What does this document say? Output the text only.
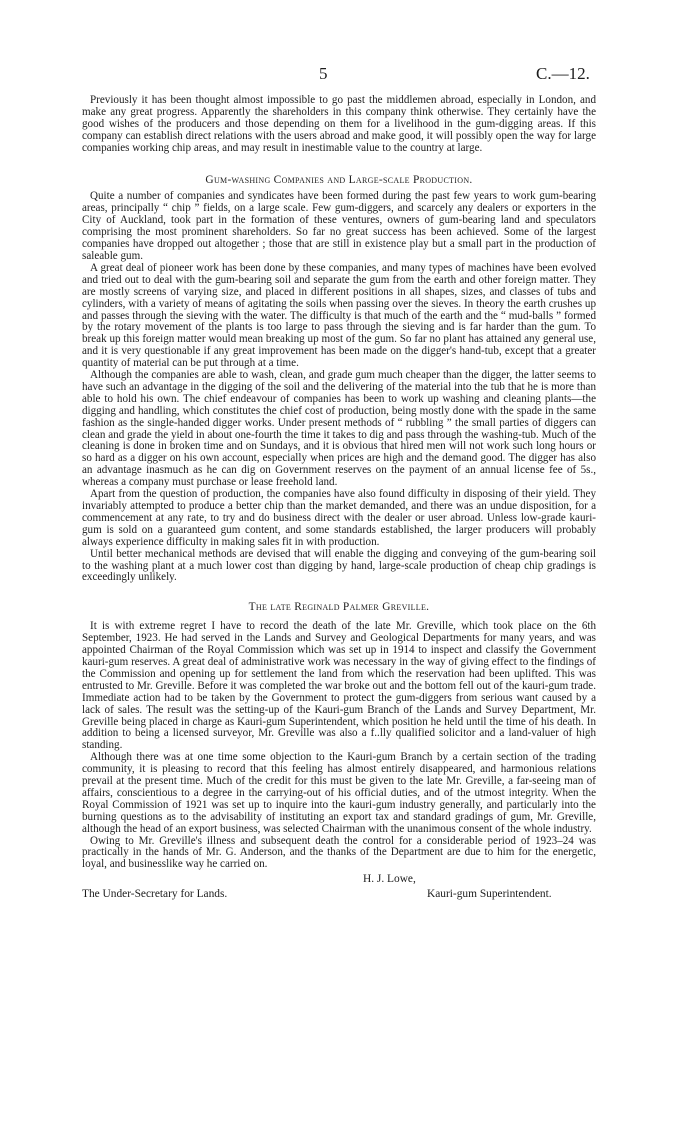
5	C.—12.

Previously it has been thought almost impossible to go past the middlemen abroad, especially in London, and make any great progress. Apparently the shareholders in this company think otherwise. They certainly have the good wishes of the producers and those depending on them for a livelihood in the gum-digging areas. If this company can establish direct relations with the users abroad and make good, it will possibly open the way for large companies working chip areas, and may result in inestimable value to the country at large.

Gum-washing Companies and Large-scale Production.

Quite a number of companies and syndicates have been formed during the past few years to work gum-bearing areas, principally “ chip ” fields, on a large scale. Few gum-diggers, and scarcely any dealers or exporters in the City of Auckland, took part in the formation of these ventures, owners of gum-bearing land and speculators comprising the most prominent shareholders. So far no great success has been achieved. Some of the largest companies have dropped out altogether ; those that are still in existence play but a small part in the production of saleable gum.

A great deal of pioneer work has been done by these companies, and many types of machines have been evolved and tried out to deal with the gum-bearing soil and separate the gum from the earth and other foreign matter. They are mostly screens of varying size, and placed in different positions in all shapes, sizes, and classes of tubs and cylinders, with a variety of means of agitating the soils when passing over the sieves. In theory the earth crushes up and passes through the sieving with the water. The difficulty is that much of the earth and the “ mud-balls ” formed by the rotary movement of the plants is too large to pass through the sieving and is far harder than the gum. To break up this foreign matter would mean breaking up most of the gum. So far no plant has attained any general use, and it is very questionable if any great improvement has been made on the digger's hand-tub, except that a greater quantity of material can be put through at a time.

Although the companies are able to wash, clean, and grade gum much cheaper than the digger, the latter seems to have such an advantage in the digging of the soil and the delivering of the material into the tub that he is more than able to hold his own. The chief endeavour of companies has been to work up washing and cleaning plants—the digging and handling, which constitutes the chief cost of production, being mostly done with the spade in the same fashion as the single-handed digger works. Under present methods of “ rubbling ” the small parties of diggers can clean and grade the yield in about one-fourth the time it takes to dig and pass through the washing-tub. Much of the cleaning is done in broken time and on Sundays, and it is obvious that hired men will not work such long hours or so hard as a digger on his own account, especially when prices are high and the demand good. The digger has also an advantage inasmuch as he can dig on Government reserves on the payment of an annual license fee of 5s., whereas a company must purchase or lease freehold land.

Apart from the question of production, the companies have also found difficulty in disposing of their yield. They invariably attempted to produce a better chip than the market demanded, and there was an undue disposition, for a commencement at any rate, to try and do business direct with the dealer or user abroad. Unless low-grade kauri-gum is sold on a guaranteed gum content, and some standards established, the larger producers will probably always experience difficulty in making sales fit in with production.

Until better mechanical methods are devised that will enable the digging and conveying of the gum-bearing soil to the washing plant at a much lower cost than digging by hand, large-scale production of cheap chip gradings is exceedingly unlikely.

The late Reginald Palmer Greville.

It is with extreme regret I have to record the death of the late Mr. Greville, which took place on the 6th September, 1923. He had served in the Lands and Survey and Geological Departments for many years, and was appointed Chairman of the Royal Commission which was set up in 1914 to inspect and classify the Government kauri-gum reserves. A great deal of administrative work was necessary in the way of giving effect to the findings of the Commission and opening up for settlement the land from which the reservation had been uplifted. This was entrusted to Mr. Greville. Before it was completed the war broke out and the bottom fell out of the kauri-gum trade. Immediate action had to be taken by the Government to protect the gum-diggers from serious want caused by a lack of sales. The result was the setting-up of the Kauri-gum Branch of the Lands and Survey Department, Mr. Greville being placed in charge as Kauri-gum Superintendent, which position he held until the time of his death. In addition to being a licensed surveyor, Mr. Greville was also a f..lly qualified solicitor and a land-valuer of high standing.

Although there was at one time some objection to the Kauri-gum Branch by a certain section of the trading community, it is pleasing to record that this feeling has almost entirely disappeared, and harmonious relations prevail at the present time. Much of the credit for this must be given to the late Mr. Greville, a far-seeing man of affairs, conscientious to a degree in the carrying-out of his official duties, and of the utmost integrity. When the Royal Commission of 1921 was set up to inquire into the kauri-gum industry generally, and particularly into the burning questions as to the advisability of instituting an export tax and standard gradings of gum, Mr. Greville, although the head of an export business, was selected Chairman with the unanimous consent of the whole industry.

Owing to Mr. Greville's illness and subsequent death the control for a considerable period of 1923–24 was practically in the hands of Mr. G. Anderson, and the thanks of the Department are due to him for the energetic, loyal, and businesslike way he carried on.

H. J. Lowe,
The Under-Secretary for Lands.	Kauri-gum Superintendent.
